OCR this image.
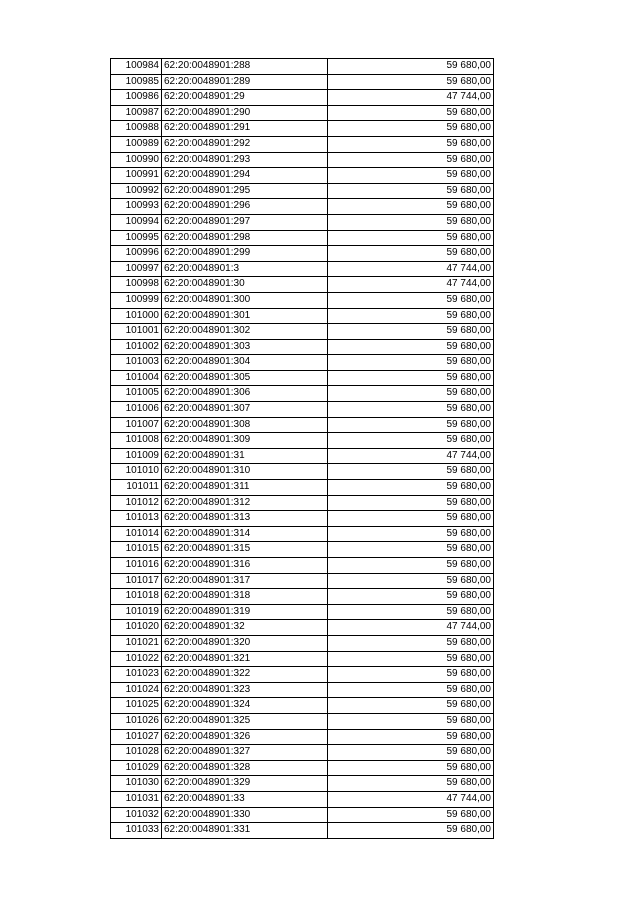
100984	62:20:0048901:288	59 680,00
100985	62:20:0048901:289	59 680,00
100986	62:20:0048901:29	47 744,00
100987	62:20:0048901:290	59 680,00
100988	62:20:0048901:291	59 680,00
100989	62:20:0048901:292	59 680,00
100990	62:20:0048901:293	59 680,00
100991	62:20:0048901:294	59 680,00
100992	62:20:0048901:295	59 680,00
100993	62:20:0048901:296	59 680,00
100994	62:20:0048901:297	59 680,00
100995	62:20:0048901:298	59 680,00
100996	62:20:0048901:299	59 680,00
100997	62:20:0048901:3	47 744,00
100998	62:20:0048901:30	47 744,00
100999	62:20:0048901:300	59 680,00
101000	62:20:0048901:301	59 680,00
101001	62:20:0048901:302	59 680,00
101002	62:20:0048901:303	59 680,00
101003	62:20:0048901:304	59 680,00
101004	62:20:0048901:305	59 680,00
101005	62:20:0048901:306	59 680,00
101006	62:20:0048901:307	59 680,00
101007	62:20:0048901:308	59 680,00
101008	62:20:0048901:309	59 680,00
101009	62:20:0048901:31	47 744,00
101010	62:20:0048901:310	59 680,00
101011	62:20:0048901:311	59 680,00
101012	62:20:0048901:312	59 680,00
101013	62:20:0048901:313	59 680,00
101014	62:20:0048901:314	59 680,00
101015	62:20:0048901:315	59 680,00
101016	62:20:0048901:316	59 680,00
101017	62:20:0048901:317	59 680,00
101018	62:20:0048901:318	59 680,00
101019	62:20:0048901:319	59 680,00
101020	62:20:0048901:32	47 744,00
101021	62:20:0048901:320	59 680,00
101022	62:20:0048901:321	59 680,00
101023	62:20:0048901:322	59 680,00
101024	62:20:0048901:323	59 680,00
101025	62:20:0048901:324	59 680,00
101026	62:20:0048901:325	59 680,00
101027	62:20:0048901:326	59 680,00
101028	62:20:0048901:327	59 680,00
101029	62:20:0048901:328	59 680,00
101030	62:20:0048901:329	59 680,00
101031	62:20:0048901:33	47 744,00
101032	62:20:0048901:330	59 680,00
101033	62:20:0048901:331	59 680,00
